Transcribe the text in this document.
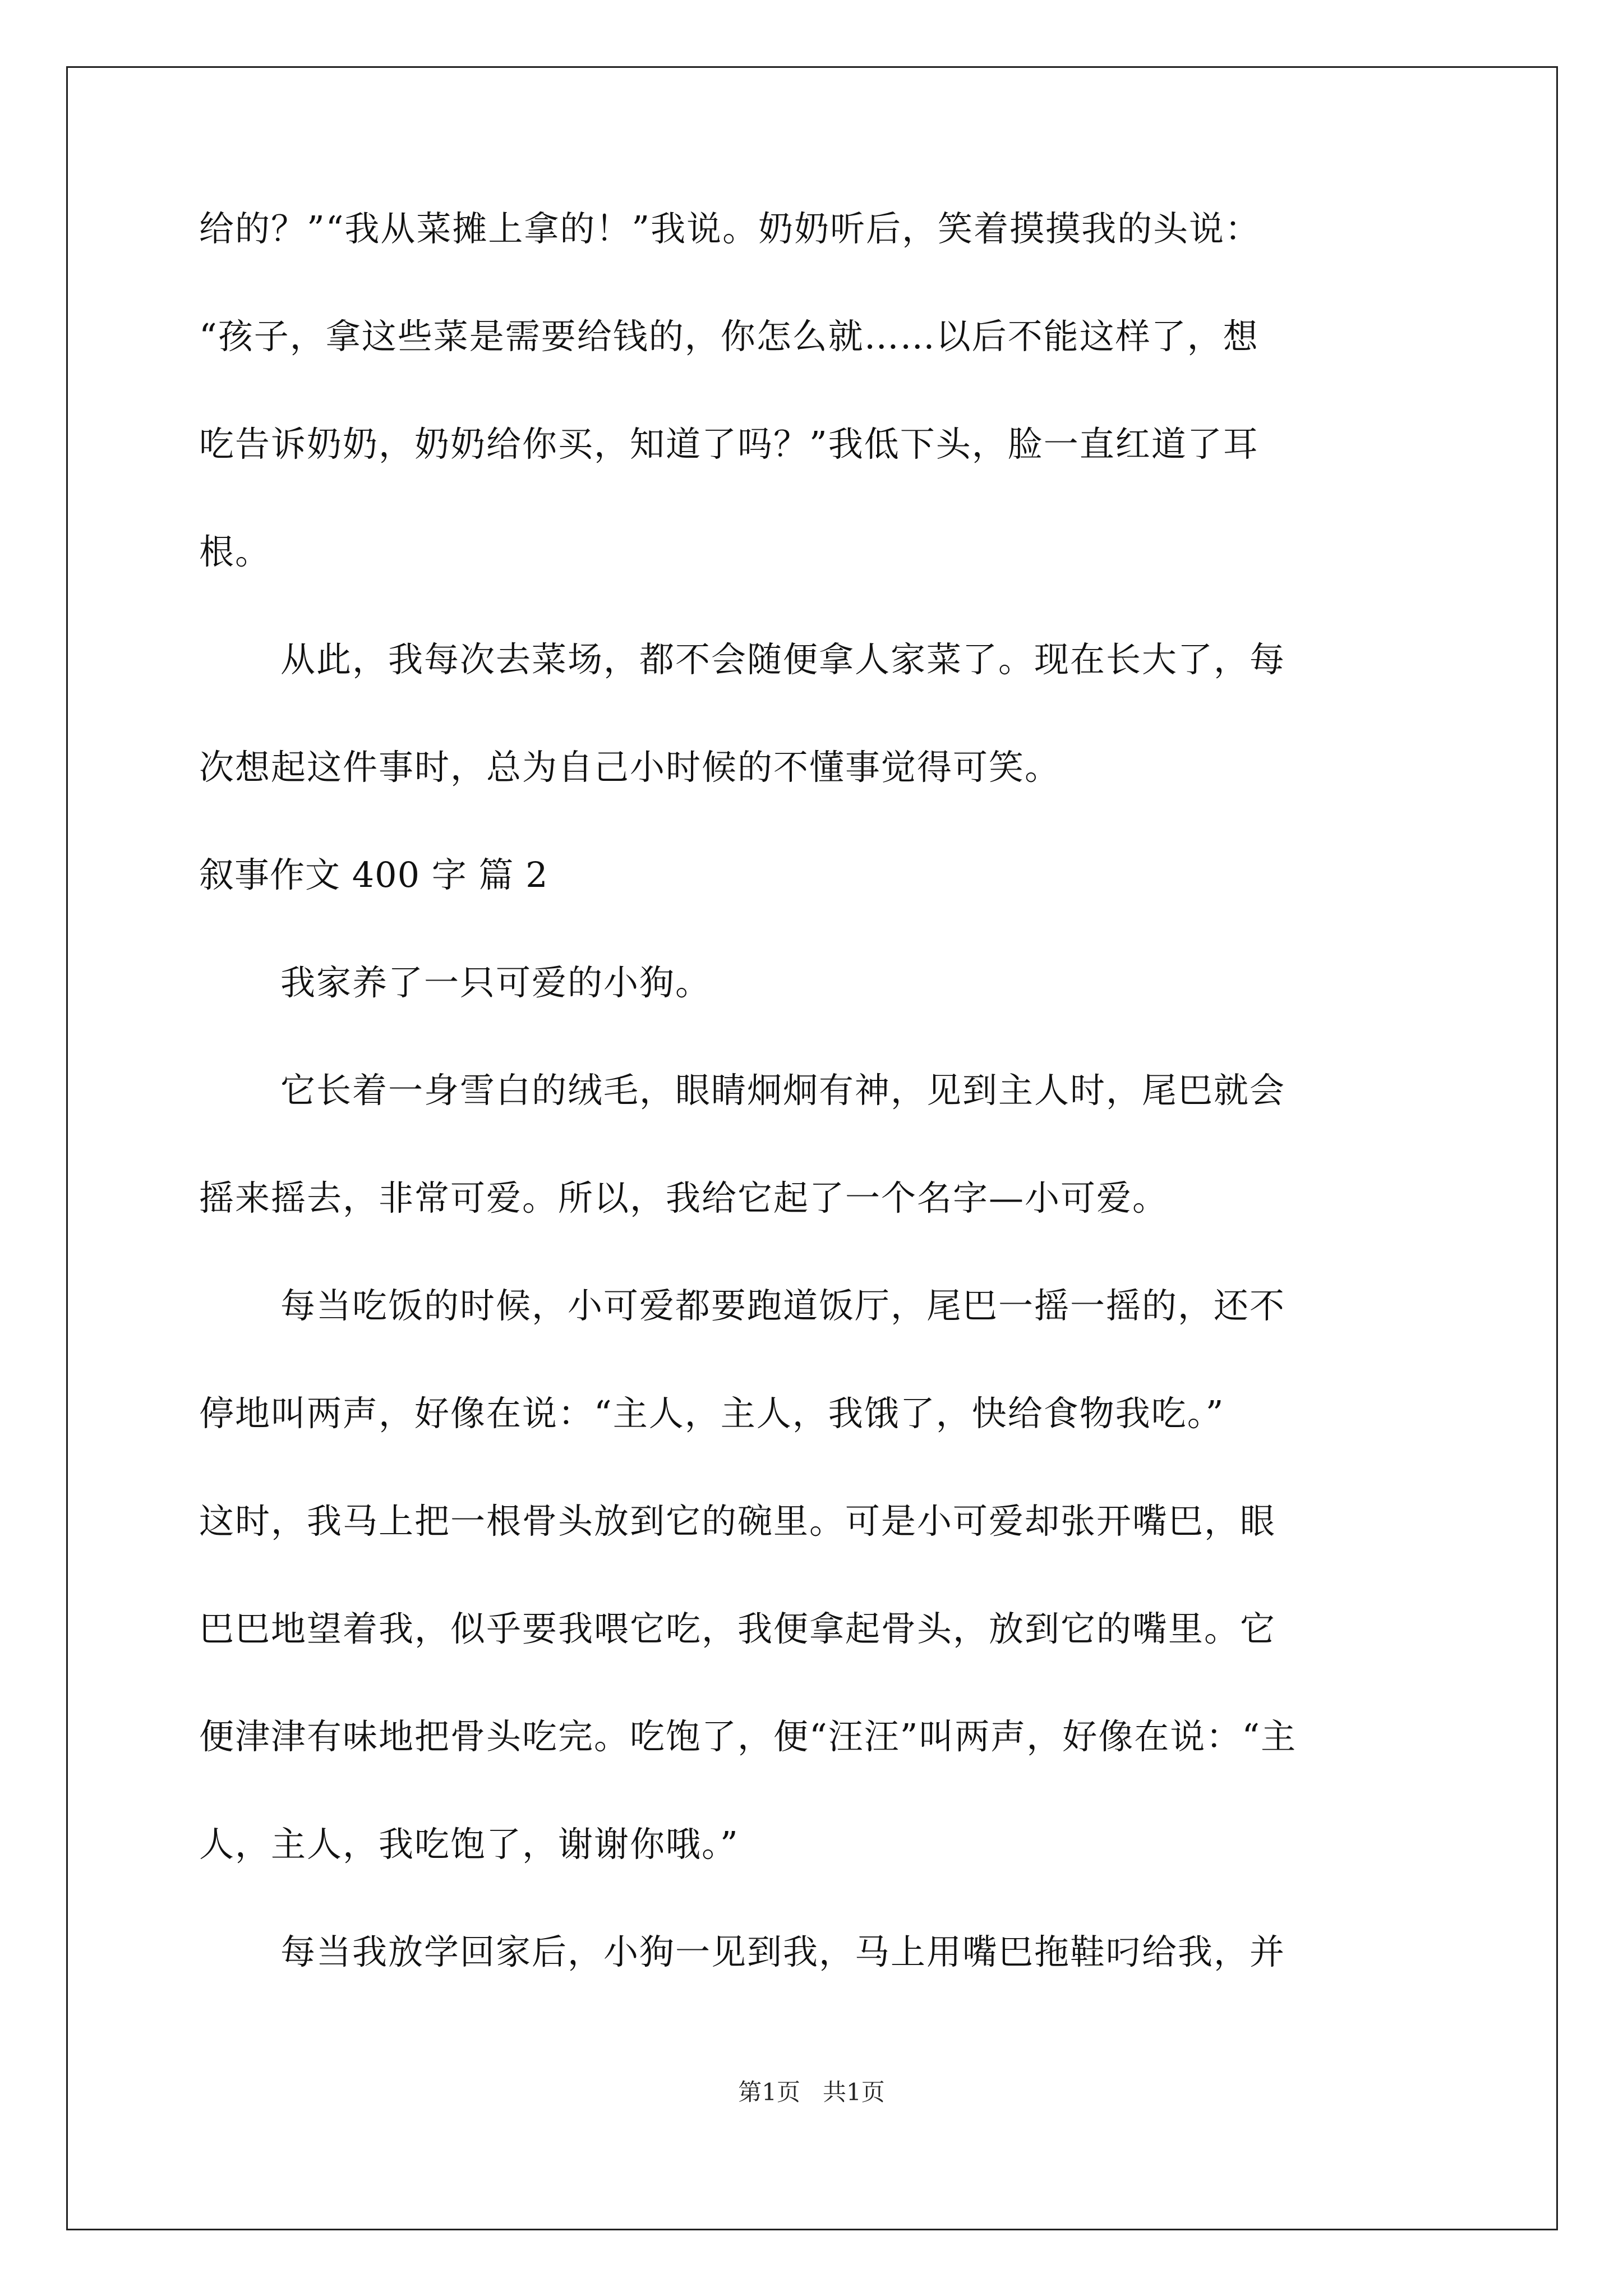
给的？”“我从菜摊上拿的！”我说。奶奶听后，笑着摸摸我的头说：
“孩子，拿这些菜是需要给钱的，你怎么就……以后不能这样了，想
吃告诉奶奶，奶奶给你买，知道了吗？”我低下头，脸一直红道了耳
根。
从此，我每次去菜场，都不会随便拿人家菜了。现在长大了，每
次想起这件事时，总为自己小时候的不懂事觉得可笑。
叙事作文 400 字 篇 2
我家养了一只可爱的小狗。
它长着一身雪白的绒毛，眼睛炯炯有神，见到主人时，尾巴就会
摇来摇去，非常可爱。所以，我给它起了一个名字—小可爱。
每当吃饭的时候，小可爱都要跑道饭厅，尾巴一摇一摇的，还不
停地叫两声，好像在说：“主人，主人，我饿了，快给食物我吃。”
这时，我马上把一根骨头放到它的碗里。可是小可爱却张开嘴巴，眼
巴巴地望着我，似乎要我喂它吃，我便拿起骨头，放到它的嘴里。它
便津津有味地把骨头吃完。吃饱了，便“汪汪”叫两声，好像在说：“主
人，主人，我吃饱了，谢谢你哦。”
每当我放学回家后，小狗一见到我，马上用嘴巴拖鞋叼给我，并
第1页   共1页
